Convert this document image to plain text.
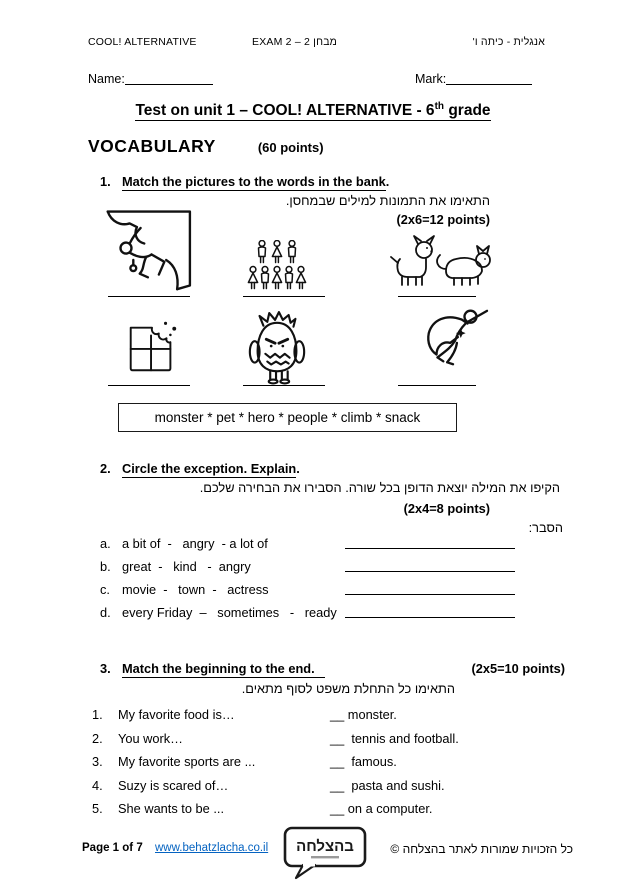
COOL! ALTERNATIVE	EXAM 2 – 2 מבחן	אנגלית - כיתה ו'
Name:	Mark:
Test on unit 1 – COOL! ALTERNATIVE - 6th grade
VOCABULARY	(60 points)
1. Match the pictures to the words in the bank.
התאימו את התמונות למילים שבמחסן.
(2x6=12 points)
monster * pet * hero * people * climb * snack
2. Circle the exception. Explain.
הקיפו את המילה יוצאת הדופן בכל שורה. הסבירו את הבחירה שלכם.
(2x4=8 points)
הסבר:
a. a bit of  -   angry  - a lot of
b. great  -   kind   -  angry
c. movie  -   town  -   actress
d. every Friday  –   sometimes   -   ready
3. Match the beginning to the end.	(2x5=10 points)
התאימו כל התחלת משפט לסוף מתאים.
1. My favorite food is…	__ monster.
2. You work…	__  tennis and football.
3. My favorite sports are ...	__  famous.
4. Suzy is scared of…	__  pasta and sushi.
5. She wants to be ...	__ on a computer.
Page 1 of 7 www.behatzlacha.co.il בהצלחה	כל הזכויות שמורות לאתר בהצלחה ©
